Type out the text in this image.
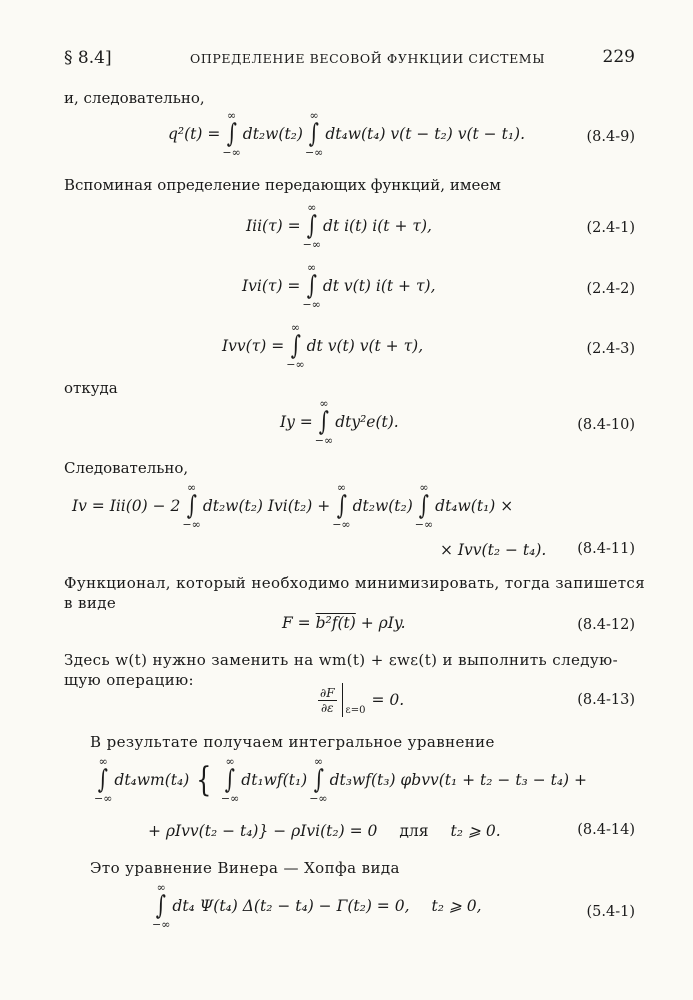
§ 8.4]	ОПРЕДЕЛЕНИЕ ВЕСОВОЙ ФУНКЦИИ СИСТЕМЫ	229
и, следовательно,
q²(t) =
∞
∫
−∞
dt₂w(t₂)
∞
∫
−∞
dt₄w(t₄) v(t − t₂) v(t − t₁).	(8.4-9)
Вспоминая определение передающих функций, имеем
Iii(τ) =
∞
∫
−∞
dt i(t) i(t + τ),	(2.4-1)
Ivi(τ) =
∞
∫
−∞
dt v(t) i(t + τ),	(2.4-2)
Ivv(τ) =
∞
∫
−∞
dt v(t) v(t + τ),	(2.4-3)
откуда
Iy =
∞
∫
−∞
dty²e(t).	(8.4-10)
Следовательно,
Iv = Iii(0) − 2
∞
∫
−∞
dt₂w(t₂) Ivi(t₂) +
∞
∫
−∞
dt₂w(t₂)
∞
∫
−∞
dt₄w(t₁) ×
× Ivv(t₂ − t₄). (8.4-11)
Функционал, который необходимо минимизировать, тогда запишется
в виде
F =
b²f(t)
+ ρIy.	(8.4-12)
Здесь w(t) нужно заменить на wm(t) + εwε(t) и выполнить следую-
щую операцию:
$\frac{\partial F}{\partial\varepsilon} \varepsilon=0$
= 0.	(8.4-13)
В результате получаем интегральное уравнение
∞
∫
−∞
dt₄wm(t₄) { ∞
∫
−∞
dt₁wf(t₁)
∞
∫
−∞
dt₃wf(t₃) φbvv(t₁ + t₂ − t₃ − t₄) +
+ ρIvv(t₂ − t₄)} − ρIvi(t₂) = 0 для t₂ ⩾ 0.	(8.4-14)
Это уравнение Винера — Хопфа вида
∞
∫
−∞
dt₄ Ψ(t₄) Δ(t₂ − t₄) − Γ(t₂) = 0, t₂ ⩾ 0,	(5.4-1)
